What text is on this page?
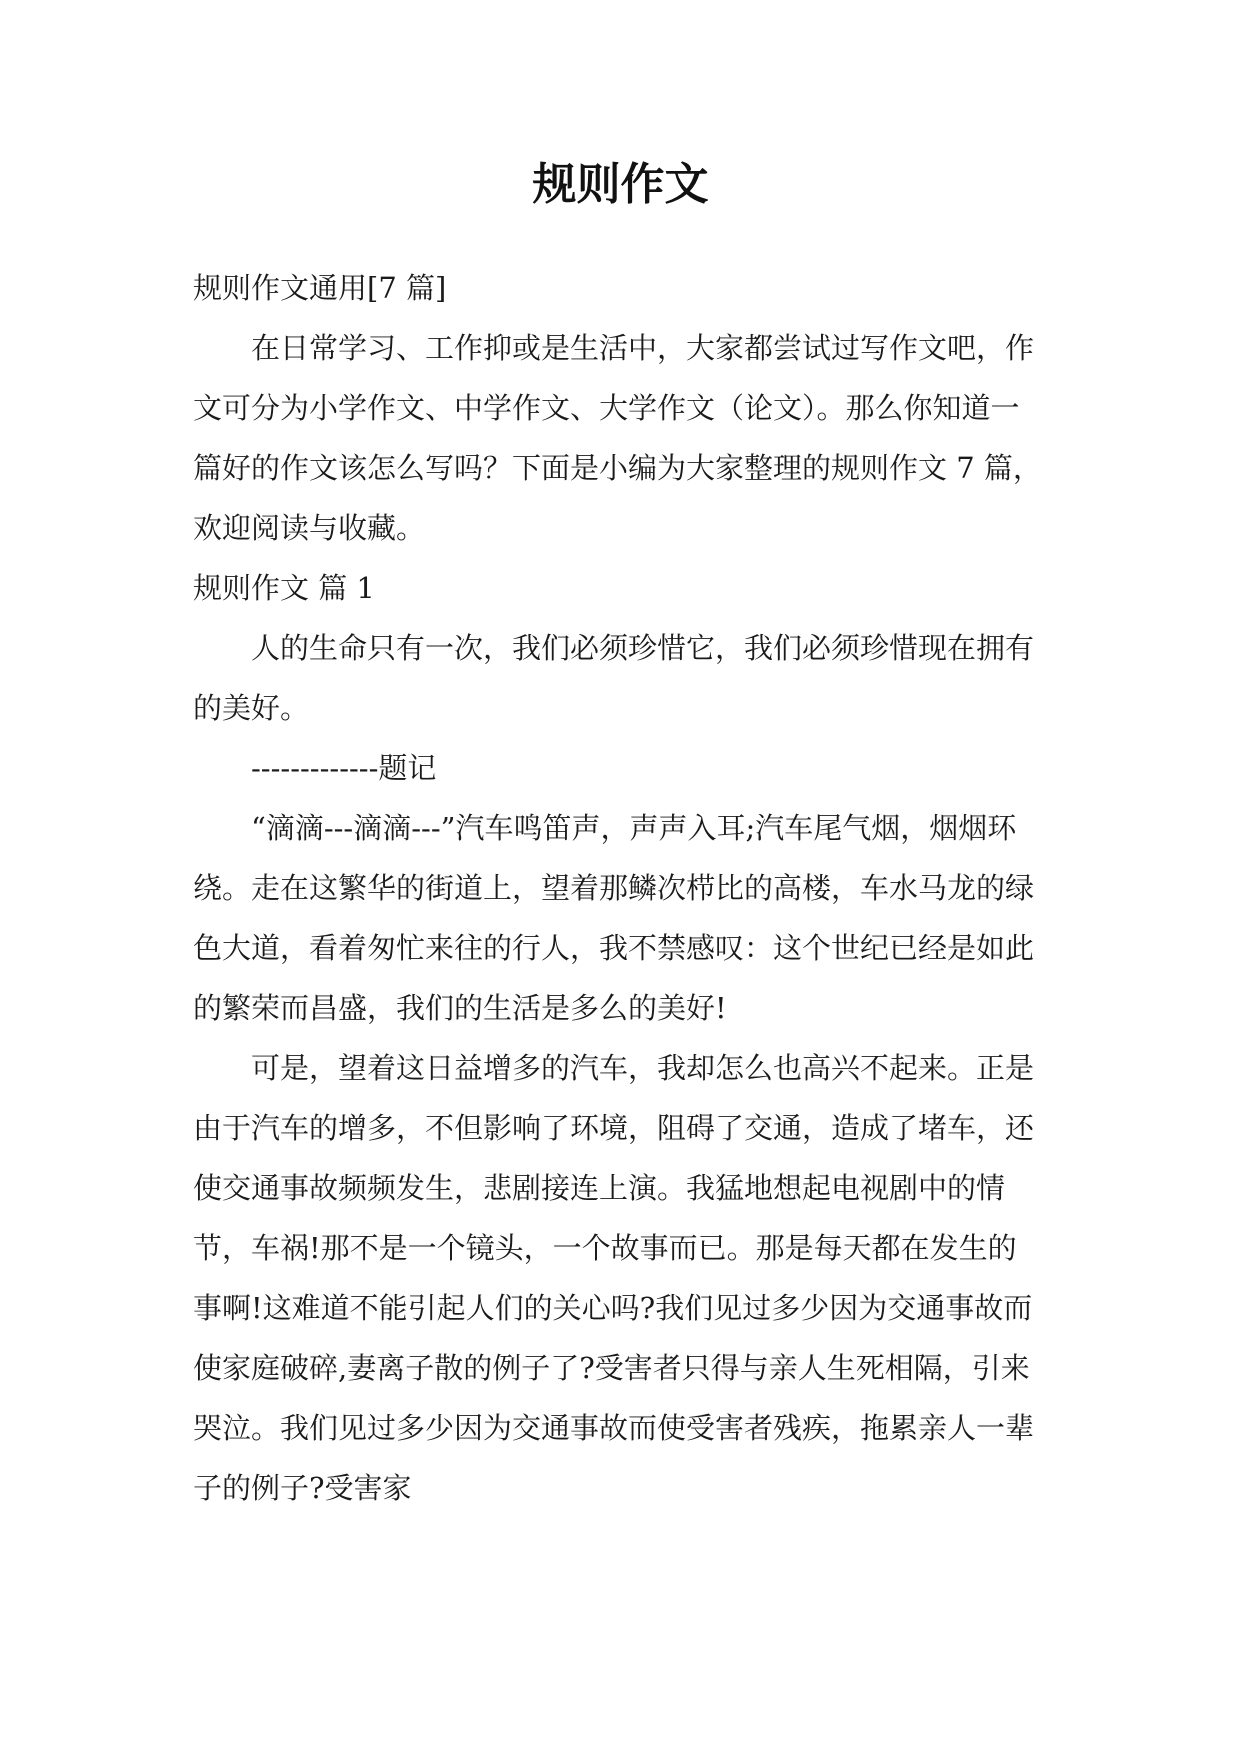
规则作文

规则作文通用[7 篇]

在日常学习、工作抑或是生活中，大家都尝试过写作文吧，作文可分为小学作文、中学作文、大学作文（论文）。那么你知道一篇好的作文该怎么写吗？下面是小编为大家整理的规则作文 7 篇，欢迎阅读与收藏。

规则作文 篇 1

人的生命只有一次，我们必须珍惜它，我们必须珍惜现在拥有的美好。

-------------题记

“滴滴---滴滴---”汽车鸣笛声，声声入耳;汽车尾气烟，烟烟环绕。走在这繁华的街道上，望着那鳞次栉比的高楼，车水马龙的绿色大道，看着匆忙来往的行人，我不禁感叹：这个世纪已经是如此的繁荣而昌盛，我们的生活是多么的美好!

可是，望着这日益增多的汽车，我却怎么也高兴不起来。正是由于汽车的增多，不但影响了环境，阻碍了交通，造成了堵车，还使交通事故频频发生，悲剧接连上演。我猛地想起电视剧中的情节，车祸!那不是一个镜头，一个故事而已。那是每天都在发生的事啊!这难道不能引起人们的关心吗?我们见过多少因为交通事故而使家庭破碎,妻离子散的例子了?受害者只得与亲人生死相隔，引来哭泣。我们见过多少因为交通事故而使受害者残疾，拖累亲人一辈子的例子?受害家
